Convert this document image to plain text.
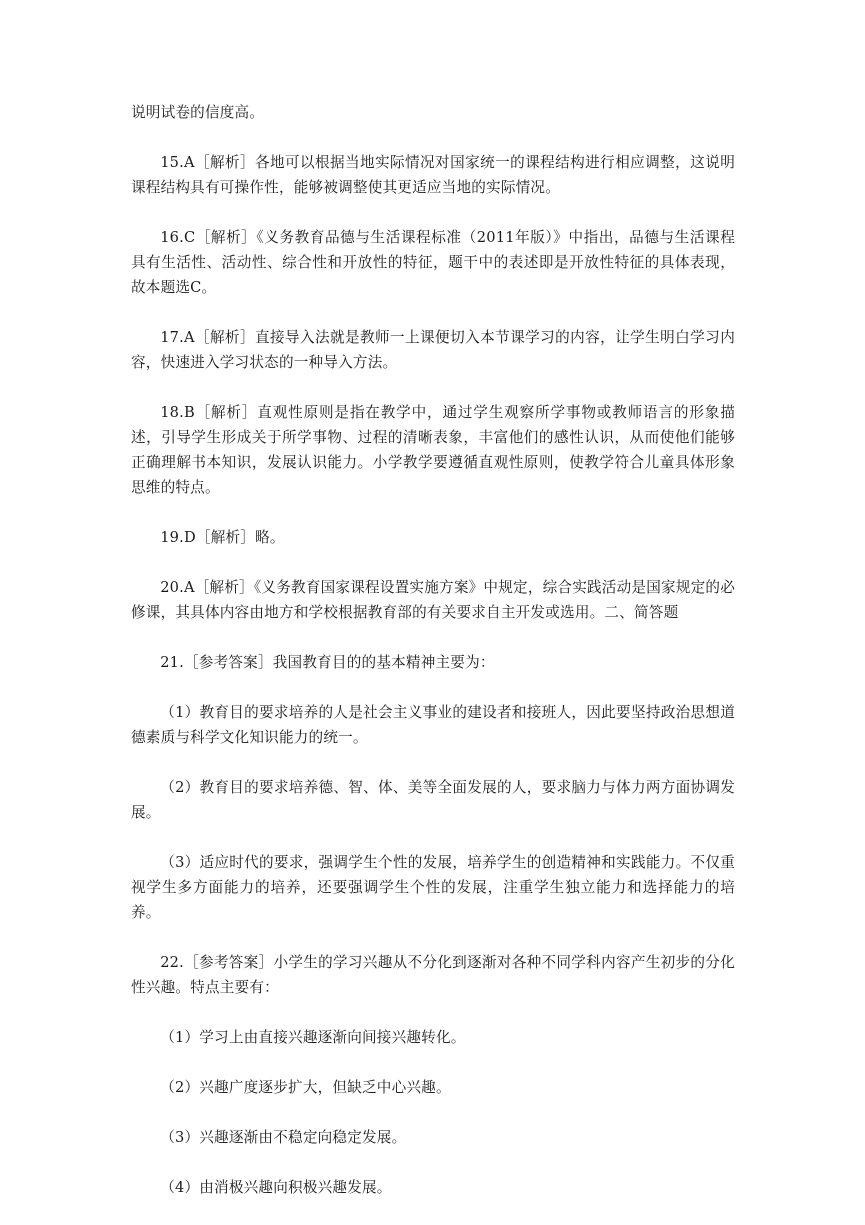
说明试卷的信度高。

15.A［解析］各地可以根据当地实际情况对国家统一的课程结构进行相应调整，这说明课程结构具有可操作性，能够被调整使其更适应当地的实际情况。

16.C［解析］《义务教育品德与生活课程标准（2011年版）》中指出，品德与生活课程具有生活性、活动性、综合性和开放性的特征，题干中的表述即是开放性特征的具体表现，故本题选C。

17.A［解析］直接导入法就是教师一上课便切入本节课学习的内容，让学生明白学习内容，快速进入学习状态的一种导入方法。

18.B［解析］直观性原则是指在教学中，通过学生观察所学事物或教师语言的形象描述，引导学生形成关于所学事物、过程的清晰表象，丰富他们的感性认识，从而使他们能够正确理解书本知识，发展认识能力。小学教学要遵循直观性原则，使教学符合儿童具体形象思维的特点。

19.D［解析］略。

20.A［解析］《义务教育国家课程设置实施方案》中规定，综合实践活动是国家规定的必修课，其具体内容由地方和学校根据教育部的有关要求自主开发或选用。二、简答题

21.［参考答案］我国教育目的的基本精神主要为：

（1）教育目的要求培养的人是社会主义事业的建设者和接班人，因此要坚持政治思想道德素质与科学文化知识能力的统一。

（2）教育目的要求培养德、智、体、美等全面发展的人，要求脑力与体力两方面协调发展。

（3）适应时代的要求，强调学生个性的发展，培养学生的创造精神和实践能力。不仅重视学生多方面能力的培养，还要强调学生个性的发展，注重学生独立能力和选择能力的培养。

22.［参考答案］小学生的学习兴趣从不分化到逐渐对各种不同学科内容产生初步的分化性兴趣。特点主要有：

（1）学习上由直接兴趣逐渐向间接兴趣转化。

（2）兴趣广度逐步扩大，但缺乏中心兴趣。

（3）兴趣逐渐由不稳定向稳定发展。

（4）由消极兴趣向积极兴趣发展。
